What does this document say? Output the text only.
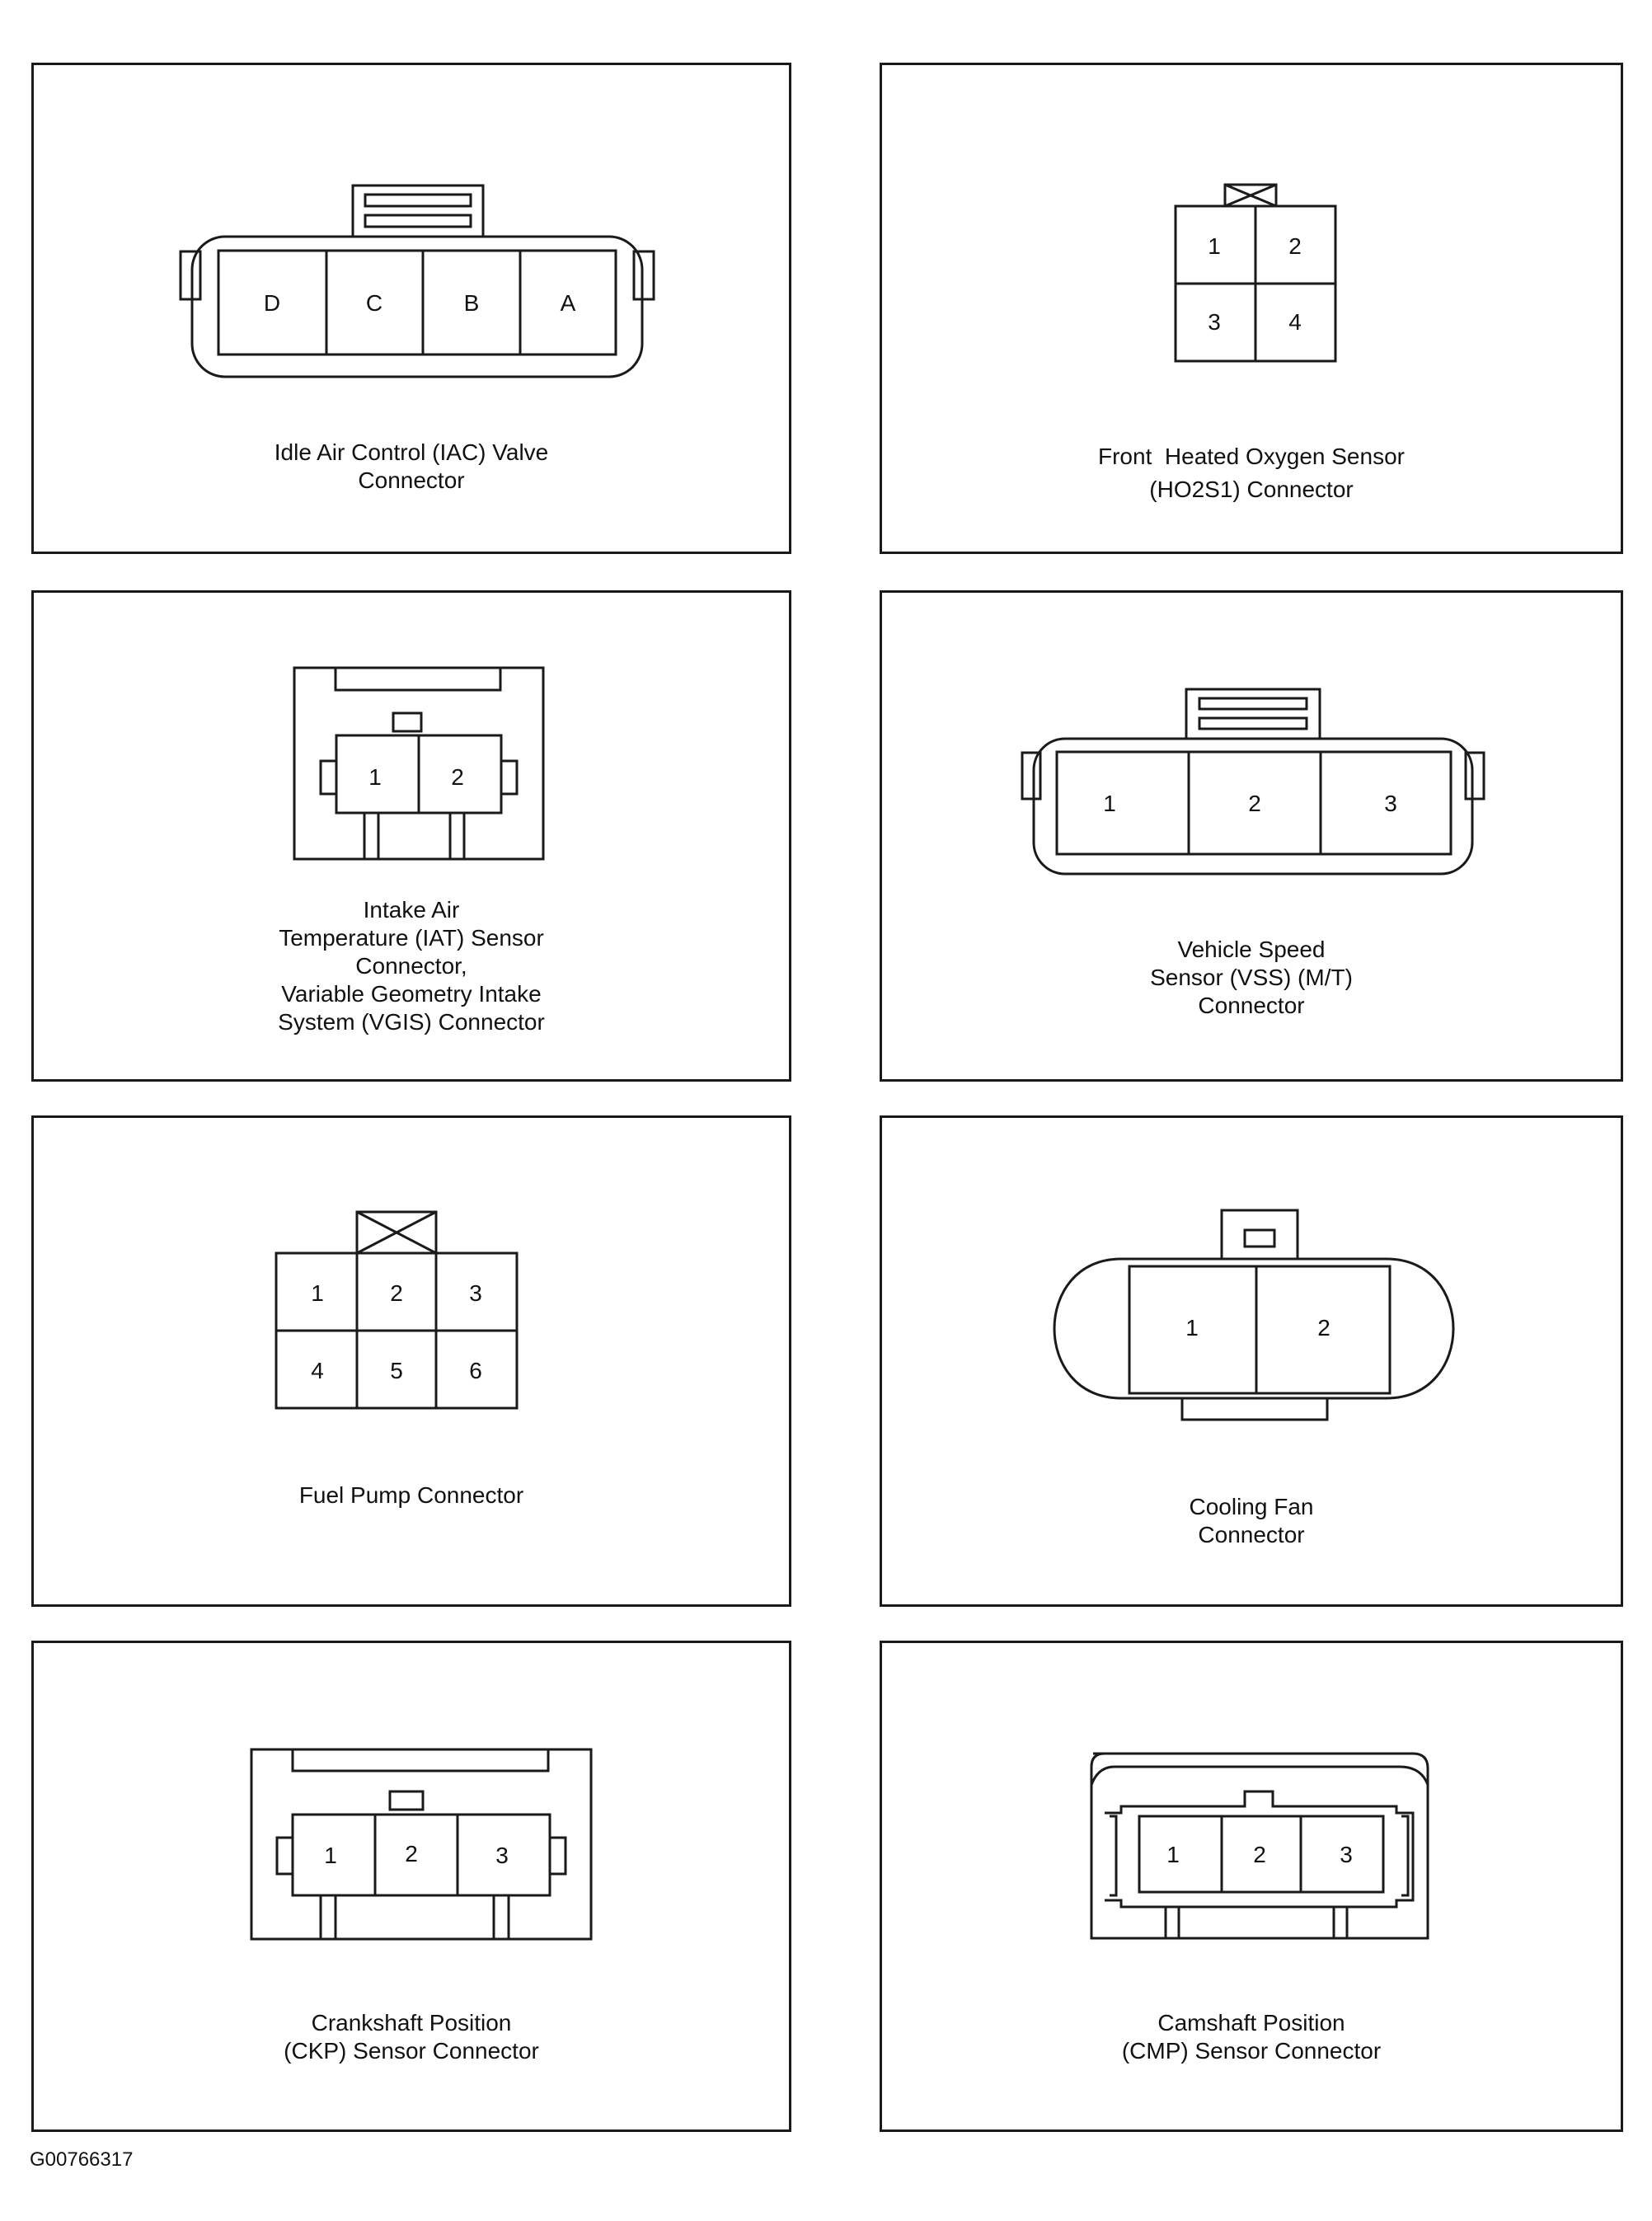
D	C	B	A
Idle Air Control (IAC) Valve
Connector
1	2
3	4
Front  Heated Oxygen Sensor
(HO2S1) Connector
1	2
Intake Air
Temperature (IAT) Sensor
Connector,
Variable Geometry Intake
System (VGIS) Connector
1	2	3
Vehicle Speed
Sensor (VSS) (M/T)
Connector
1	2	3
4	5	6
Fuel Pump Connector
1	2
Cooling Fan
Connector
1	2	3
Crankshaft Position
(CKP) Sensor Connector
1	2	3
Camshaft Position
(CMP) Sensor Connector
G00766317
